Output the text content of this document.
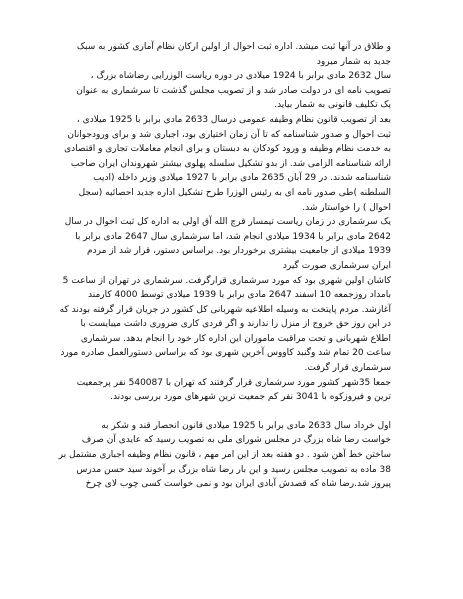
و طلاق در آنها ثبت میشد. اداره ثبت احوال از اولین ارکان نظام آماری کشور به سبک
جدید به شمار میرود
سال 2632 مادی برابر با 1924 میلادی در دوره ریاست الوزرایی رضاشاه بزرگ ،
تصویب نامه ای در دولت صادر شد و از تصویب مجلس گذشت تا سرشماری به عنوان
یک تکلیف قانونی به شمار بیاید.

بعد از تصویب قانون نظام وظیفه عمومی درسال 2633 مادی برابر با 1925 میلادی ،
ثبت احوال و صدور شناسنامه که تا آن زمان اختیاری بود، اجباری شد و برای ورودجوانان
به خدمت نظام وظیفه و ورود کودکان به دبستان و برای انجام معاملات تجاری و اقتصادی
ارائه شناسنامه الزامی شد. از بدو تشکیل سلسله پهلوی بیشتر شهروندان ایران صاحب
شناسنامه شدند. در 29 آبان 2635 مادی برابر با 1927 میلادی وزیر داخله (ادیب
السلطنه )طی صدور نامه ای به رئیس الوزرا طرح تشکیل اداره جدید احصائیه (سجل
احوال ) را خواستار شد.

یک سرشماری در زمان ریاست تیمسار قرچ الله آق اولی به اداره کل ثبت احوال در سال
2642 مادی برابر با 1934 میلادی انجام شد، اما سرشماری سال 2647 مادی برابر با
1939 میلادی از جامعیت بیشتری برخوردار بود. براساس دستور، قرار شد از مردم
ایران سرشماری صورت گیرد

کاشان اولین شهری بود که مورد سرشماری قرارگرفت. سرشماری در تهران از ساعت 5
بامداد روزجمعه 10 اسفند 2647 مادی برابر با 1939 میلادی توسط 4000 کارمند
آغازشد. مردم پایتخت به وسیله اطلاعیه شهربانی کل کشور در جریان قرار گرفته بودند که
در این روز حق خروج از منزل را ندارند و اگر فردی کاری ضروری داشت میبایست با
اطلاع شهربانی و تحت مراقبت ماموران این اداره کار خود را انجام بدهد. سرشماری
ساعت 20 تمام شد وگنبد کاووس آخرین شهری بود که براساس دستورالعمل صادره مورد
سرشماری قرار گرفت.

جمعا 35شهر کشور مورد سرشماری قرار گرفتند که تهران با 540087 نفر پرجمعیت
ترین و فیروزکوه با 3041 نفر کم جمعیت ترین شهرهای مورد بررسی بودند.

اول خرداد سال 2633 مادی برابر با 1925 میلادی قانون انحصار قند و شکر به
خواست رضا شاه بزرگ در مجلس شورای ملی به تصویب رسید که عایدی آن صرف
ساختن خط آهن شود . دو هفته بعد از این امر مهم ، قانون نظام وظیفه اجباری مشتمل بر
38 ماده به تصویب مجلس رسید و این بار رضا شاه بزرگ بر آخوند سید حسن مدرس
پیروز شد.رضا شاه که قصدش آبادی ایران بود و نمی خواست کسی چوب لای چرخ
